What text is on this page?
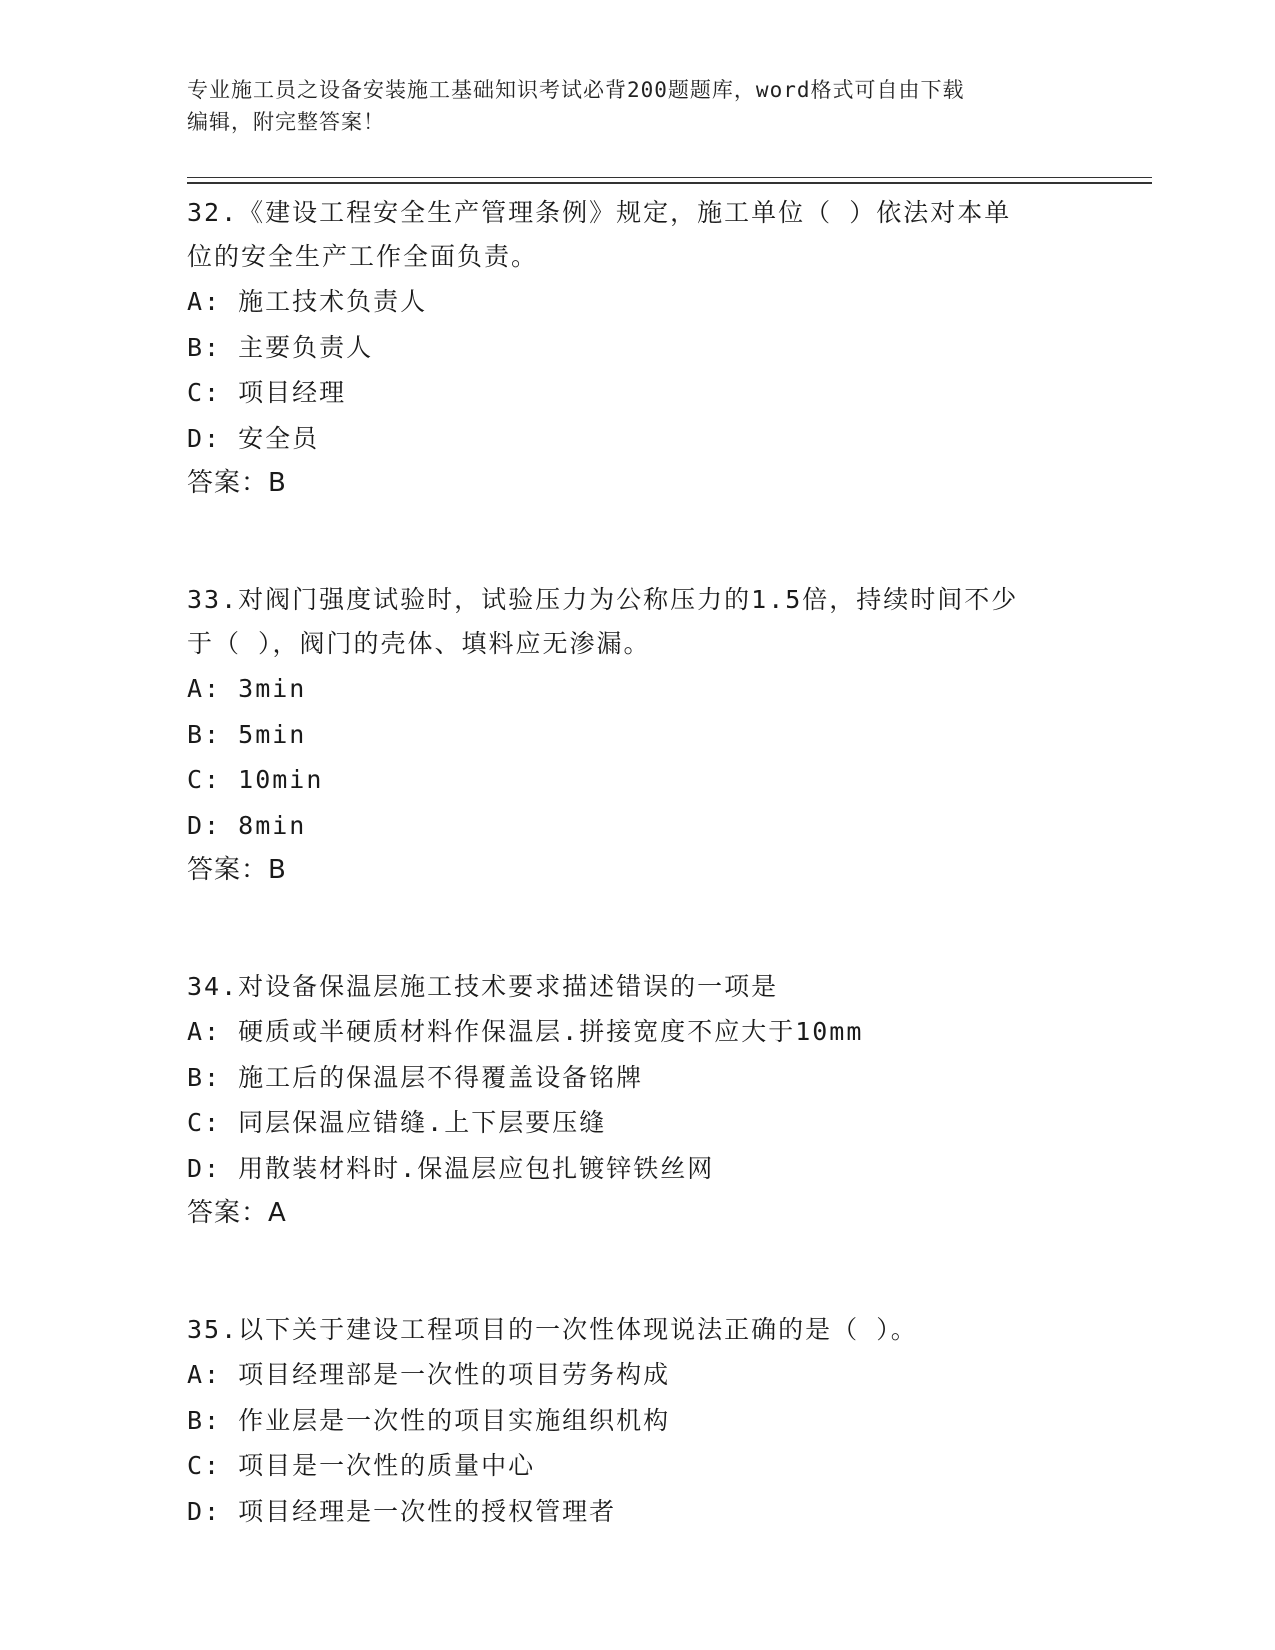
专业施工员之设备安装施工基础知识考试必背200题题库，word格式可自由下载
编辑，附完整答案！

32.《建设工程安全生产管理条例》规定，施工单位（ ）依法对本单
位的安全生产工作全面负责。

A: 施工技术负责人

B: 主要负责人

C: 项目经理

D: 安全员

答案：B

33.对阀门强度试验时，试验压力为公称压力的1.5倍，持续时间不少
于（ ），阀门的壳体、填料应无渗漏。

A: 3min

B: 5min

C: 10min

D: 8min

答案：B

34.对设备保温层施工技术要求描述错误的一项是

A: 硬质或半硬质材料作保温层.拼接宽度不应大于10mm

B: 施工后的保温层不得覆盖设备铭牌

C: 同层保温应错缝.上下层要压缝

D: 用散装材料时.保温层应包扎镀锌铁丝网

答案：A

35.以下关于建设工程项目的一次性体现说法正确的是（ ）。

A: 项目经理部是一次性的项目劳务构成

B: 作业层是一次性的项目实施组织机构

C: 项目是一次性的质量中心

D: 项目经理是一次性的授权管理者
